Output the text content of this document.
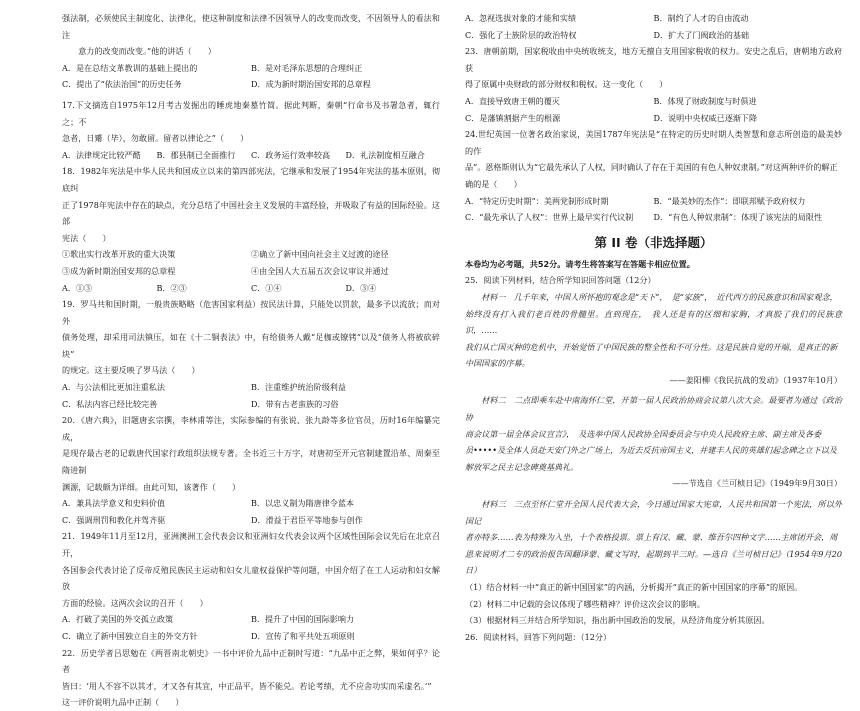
强法制，必须使民主制度化、法律化，使这种制度和法律不因领导人的改变而改变，不因领导人的看法和注

意力的改变而改变。”他的讲话（　　）

A．是在总结文革教训的基础上提出的	B．是对毛泽东思想的合理纠正
C．提出了“依法治国”的历史任务	D．成为新时期治国安邦的总章程

17.下文摘选自1975年12月考古发掘出的睡虎地秦墓竹简。据此判断，秦朝“行命书及书署急者，辄行之；不

急者，日觱（毕），勿敢留。留者以律论之”（　　）

A．法律规定比较严酷	B．郡县制已全面推行	C．政务运行效率较高	D．礼法制度相互融合

18．1982年宪法是中华人民共和国成立以来的第四部宪法，它继承和发展了1954年宪法的基本原则，彻底纠

正了1978年宪法中存在的缺点，充分总结了中国社会主义发展的丰富经验，并吸取了有益的国际经验。这部

宪法（　　）

①歌出实行改革开放的重大决策	②确立了新中国向社会主义过渡的途径
③成为新时期治国安邦的总章程	④由全国人大五届五次会议审议并通过
A．①③	B．②③	C．①④	D．③④

19．罗马共和国时期，一般贵族略略（危害国家利益）按民法计算，只能处以罚款，最多予以流放；而对外

债务处理，却采用司法镇压，如在《十二铜表法》中，有给债务人戴“足枷或镣铐”以及“债务人将被砍碎块”

的规定。这主要反映了罗马法（　　）

A．与公法相比更加注重私法	B．注重维护统治阶级利益
C．私法内容已经比较完善	D．带有古老蛮族的习俗

20．《唐六典》，旧题唐玄宗撰，李林甫等注，实际参编的有张说、张九龄等多位官员，历时16年编纂完成，

是现存最古老的记载唐代国家行政组织法规专著。全书近三十万字，对唐初至开元官制建置沿革、周秦至隋进制

渊源，记载颇为详细。由此可知，该著作（　　）

A．兼具法学意义和史料价值	B．以忠义制为隋唐律令蓝本
C．强调刑罚和教化并驾齐驱	D．滑益于君臣平等地参与创作

21．1949年11月至12月，亚洲澳洲工会代表会议和亚洲妇女代表会议两个区域性国际会议先后在北京召开，

各国参会代表讨论了反帝反殖民族民主运动和妇女儿童权益保护等问题，中国介绍了在工人运动和妇女解放

方面的经验。这两次会议的召开（　　）

A．打破了美国的外交孤立政策	B．提升了中国的国际影响力
C．确立了新中国独立自主的外交方针	D．宣传了和平共处五项原则

22．历史学者吕思勉在《两晋南北朝史》一书中评价九品中正制时写道：“九品中正之弊，果如何乎？论者

皆曰：‘用人不容不以其才，才又各有其宜，中正品平，皆不能兑。若论考绩，尤不应舍功实而采虚名。’”

这一评价说明九品中正制（　　）

A．忽视选拔对象的才能和实绩	B．制约了人才的自由流动
C．强化了士族阶层的政治特权	D．扩大了门阀政治的基础

23．唐朝前期，国家税收由中央统收统支，地方无擅自支用国家税收的权力。安史之乱后，唐朝地方政府获

得了原属中央财政的部分财权和税权。这一变化（　　）

A．直接导致唐王朝的覆灭	B．体现了财政制度与时俱进
C．是藩镇割据产生的根源	D．说明中央权威已逐渐下降

24.世纪英国一位著名政治家说，美国1787年宪法是“在特定的历史时期人类智慧和意志所创造的最美妙的作

品”。恩格斯则认为“它最先承认了人权，同时确认了存在于美国的有色人种奴隶制。”对这两种评价的解正

确的是（　　）

A．“特定历史时期”：美两党制形成时期	B．“最美妙的杰作”：即联邦赋予政府权力
C．“最先承认了人权”：世界上最早实行代议制	D．“有色人种奴隶制”：体现了该宪法的局限性
第 II 卷（非选择题）

本卷均为必考题，共52分。请考生将答案写在答题卡相应位置。

25．阅读下列材料，结合所学知识回答问题（12分）

材料一　几千年来，中国人所怀抱的观念是“天下”，　是“家族”，　近代西方的民族意识和国家观念，

始终没有打入我们老百姓的骨髓里。直到现在，　我人还是有的区细和家胸，才真胶了我们的民族意识，……

我们从亡国灭种的危机中，开始觉悟了中国民族的整全性和不可分性。这是民族自觉的开端，是真正的新

中国国家的序幕。

——姜阳柳《我民抗战的发动》（1937年10月）

材料二　二点即乘车赴中南海怀仁堂，开第一届人民政治协商会议第八次大会。最要者为通过《政治协

商会议第一届全体会议宣言》，　及选举中国人民政协全国委员会与中央人民政府主席、副主席及各委

员•••••及全体人员赴天安门外之广场上，为近去反抗帝国主义，并建丰人民的英雄们起念碑之立下以及

解放军之民主记念碑奠基典礼。

——节选自《兰可桢日记》（1949年9月30日）

材料三　三点至怀仁堂开全国人民代表大会，今日通过国家大宪章，人民共和国第一个宪法，所以外国记

者亦特多……表为特殊为入坐，十个表格投票。票上有汉、藏、蒙、维吾尔四种文字……主席团开会，周

恩来说明才二专的政治报告国翻译蒙、藏文写时，起期到半三时。—选自《兰可桢日记》（1954年9月20日）

（1）结合材料一中“真正的新中国国家”的内涵，分析揭开“真正的新中国国家的序幕”的原因。

（2）材料二中记载的会议体现了哪些精神？评价这次会议的影响。

（3）根据材料三并结合所学知识，指出新中国政治的发展，从经济角度分析其原因。

26．阅读材料，回答下列问题：（12分）
